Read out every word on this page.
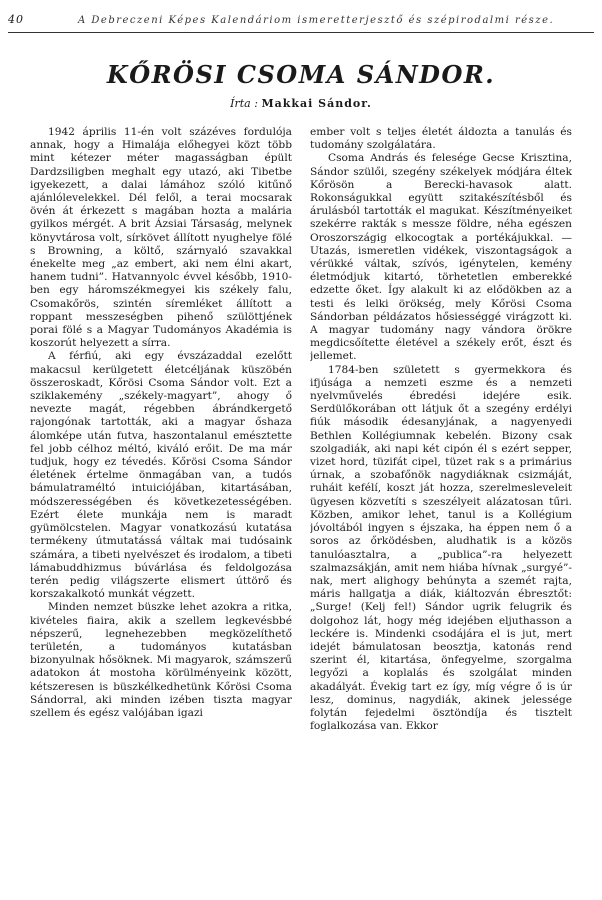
40	A Debreczeni Képes Kalendáriom ismeretterjesztő és szépirodalmi része.
KŐRÖSI CSOMA SÁNDOR.
Írta : Makkai Sándor.

1942 április 11-én volt százéves fordulója annak, hogy a Himalája előhegyei közt több mint kétezer méter magasságban épült Dardzsiligben meghalt egy utazó, aki Tibetbe igyekezett, a dalai lámához szóló kitűnő ajánlólevelekkel. Dél felől, a terai mocsarak övén át érkezett s magában hozta a malária gyilkos mérgét. A brit Ázsiai Társaság, melynek könyvtárosa volt, sírkövet állított nyughelye fölé s Browning, a költő, szárnyaló szavakkal énekelte meg „az embert, aki nem élni akart, hanem tudni”. Hatvannyolc évvel később, 1910-ben egy háromszékmegyei kis székely falu, Csomakőrös, szintén síremléket állított a roppant messzeségben pihenő szülöttjének porai fölé s a Magyar Tudományos Akadémia is koszorút helyezett a sírra.

A férfiú, aki egy évszázaddal ezelőtt makacsul kerülgetett életcéljának küszöbén összeroskadt, Kőrösi Csoma Sándor volt. Ezt a sziklakemény „székely-magyart”, ahogy ő nevezte magát, régebben ábrándkergető rajongónak tartották, aki a magyar őshaza álomképe után futva, haszontalanul emésztette fel jobb célhoz méltó, kiváló erőit. De ma már tudjuk, hogy ez tévedés. Kőrösi Csoma Sándor életének értelme önmagában van, a tudós bámulatraméltó intuiciójában, kitartásában, módszerességében és következetességében. Ezért élete munkája nem is maradt gyümölcstelen. Magyar vonatkozású kutatása termékeny útmutatássá váltak mai tudósaink számára, a tibeti nyelvészet és irodalom, a tibeti lámabuddhizmus búvárlása és feldolgozása terén pedig világszerte elismert úttörő és korszakalkotó munkát végzett.

Minden nemzet büszke lehet azokra a ritka, kivételes fiaira, akik a szellem legkevésbbé népszerű, legnehezebben megközelíthető területén, a tudományos kutatásban bizonyulnak hősöknek. Mi magyarok, számszerű adatokon át mostoha körülményeink között, kétszeresen is büszkélkedhetünk Kőrösi Csoma Sándorral, aki minden izében tiszta magyar szellem és egész valójában igazi

ember volt s teljes életét áldozta a tanulás és tudomány szolgálatára.

Csoma András és felesége Gecse Krisztina, Sándor szülői, szegény székelyek módjára éltek Kőrösön a Berecki-havasok alatt. Rokonságukkal együtt szitakészítésből és árulásból tartották el magukat. Készítményeiket szekérre rakták s messze földre, néha egészen Oroszországig elkocogtak a portékájukkal. — Utazás, ismeretlen vidékek, viszontagságok a vérükké váltak, szívós, igénytelen, kemény életmódjuk kitartó, törhetetlen emberekké edzette őket. Így alakult ki az elődökben az a testi és lelki örökség, mely Kőrösi Csoma Sándorban példázatos hősiességgé virágzott ki. A magyar tudomány nagy vándora örökre megdicsőítette életével a székely erőt, észt és jellemet.

1784-ben született s gyermekkora és ifjúsága a nemzeti eszme és a nemzeti nyelvművelés ébredési idejére esik. Serdülőkorában ott látjuk őt a szegény erdélyi fiúk második édesanyjának, a nagyenyedi Bethlen Kollégiumnak kebelén. Bizony csak szolgadiák, aki napi két cipón él s ezért sepper, vizet hord, tüzifát cipel, tüzet rak s a primárius úrnak, a szobafőnök nagydiáknak csizmáját, ruháit kefélí, koszt ját hozza, szerelmesleveleit ügyesen közvetíti s szeszélyeit alázatosan tűri. Közben, amikor lehet, tanul is a Kollégium jóvoltából ingyen s éjszaka, ha éppen nem ő a soros az őrködésben, aludhatik is a közös tanulóasztalra, a „publica”-ra helyezett szalmazsákján, amit nem hiába hívnak „surgyé”-nak, mert alighogy behúnyta a szemét rajta, máris hallgatja a diák, kiáltozván ébresztőt: „Surge! (Kelj fel!) Sándor ugrik felugrik és dolgohoz lát, hogy még idejében eljuthasson a leckére is. Mindenki csodájára el is jut, mert idejét bámulatosan beosztja, katonás rend szerint él, kitartása, önfegyelme, szorgalma legyőzi a koplalás és szolgálat minden akadályát. Évekig tart ez így, míg végre ő is úr lesz, dominus, nagydiák, akinek jelessége folytán fejedelmi ösztöndíja és tisztelt foglalkozása van. Ekkor
